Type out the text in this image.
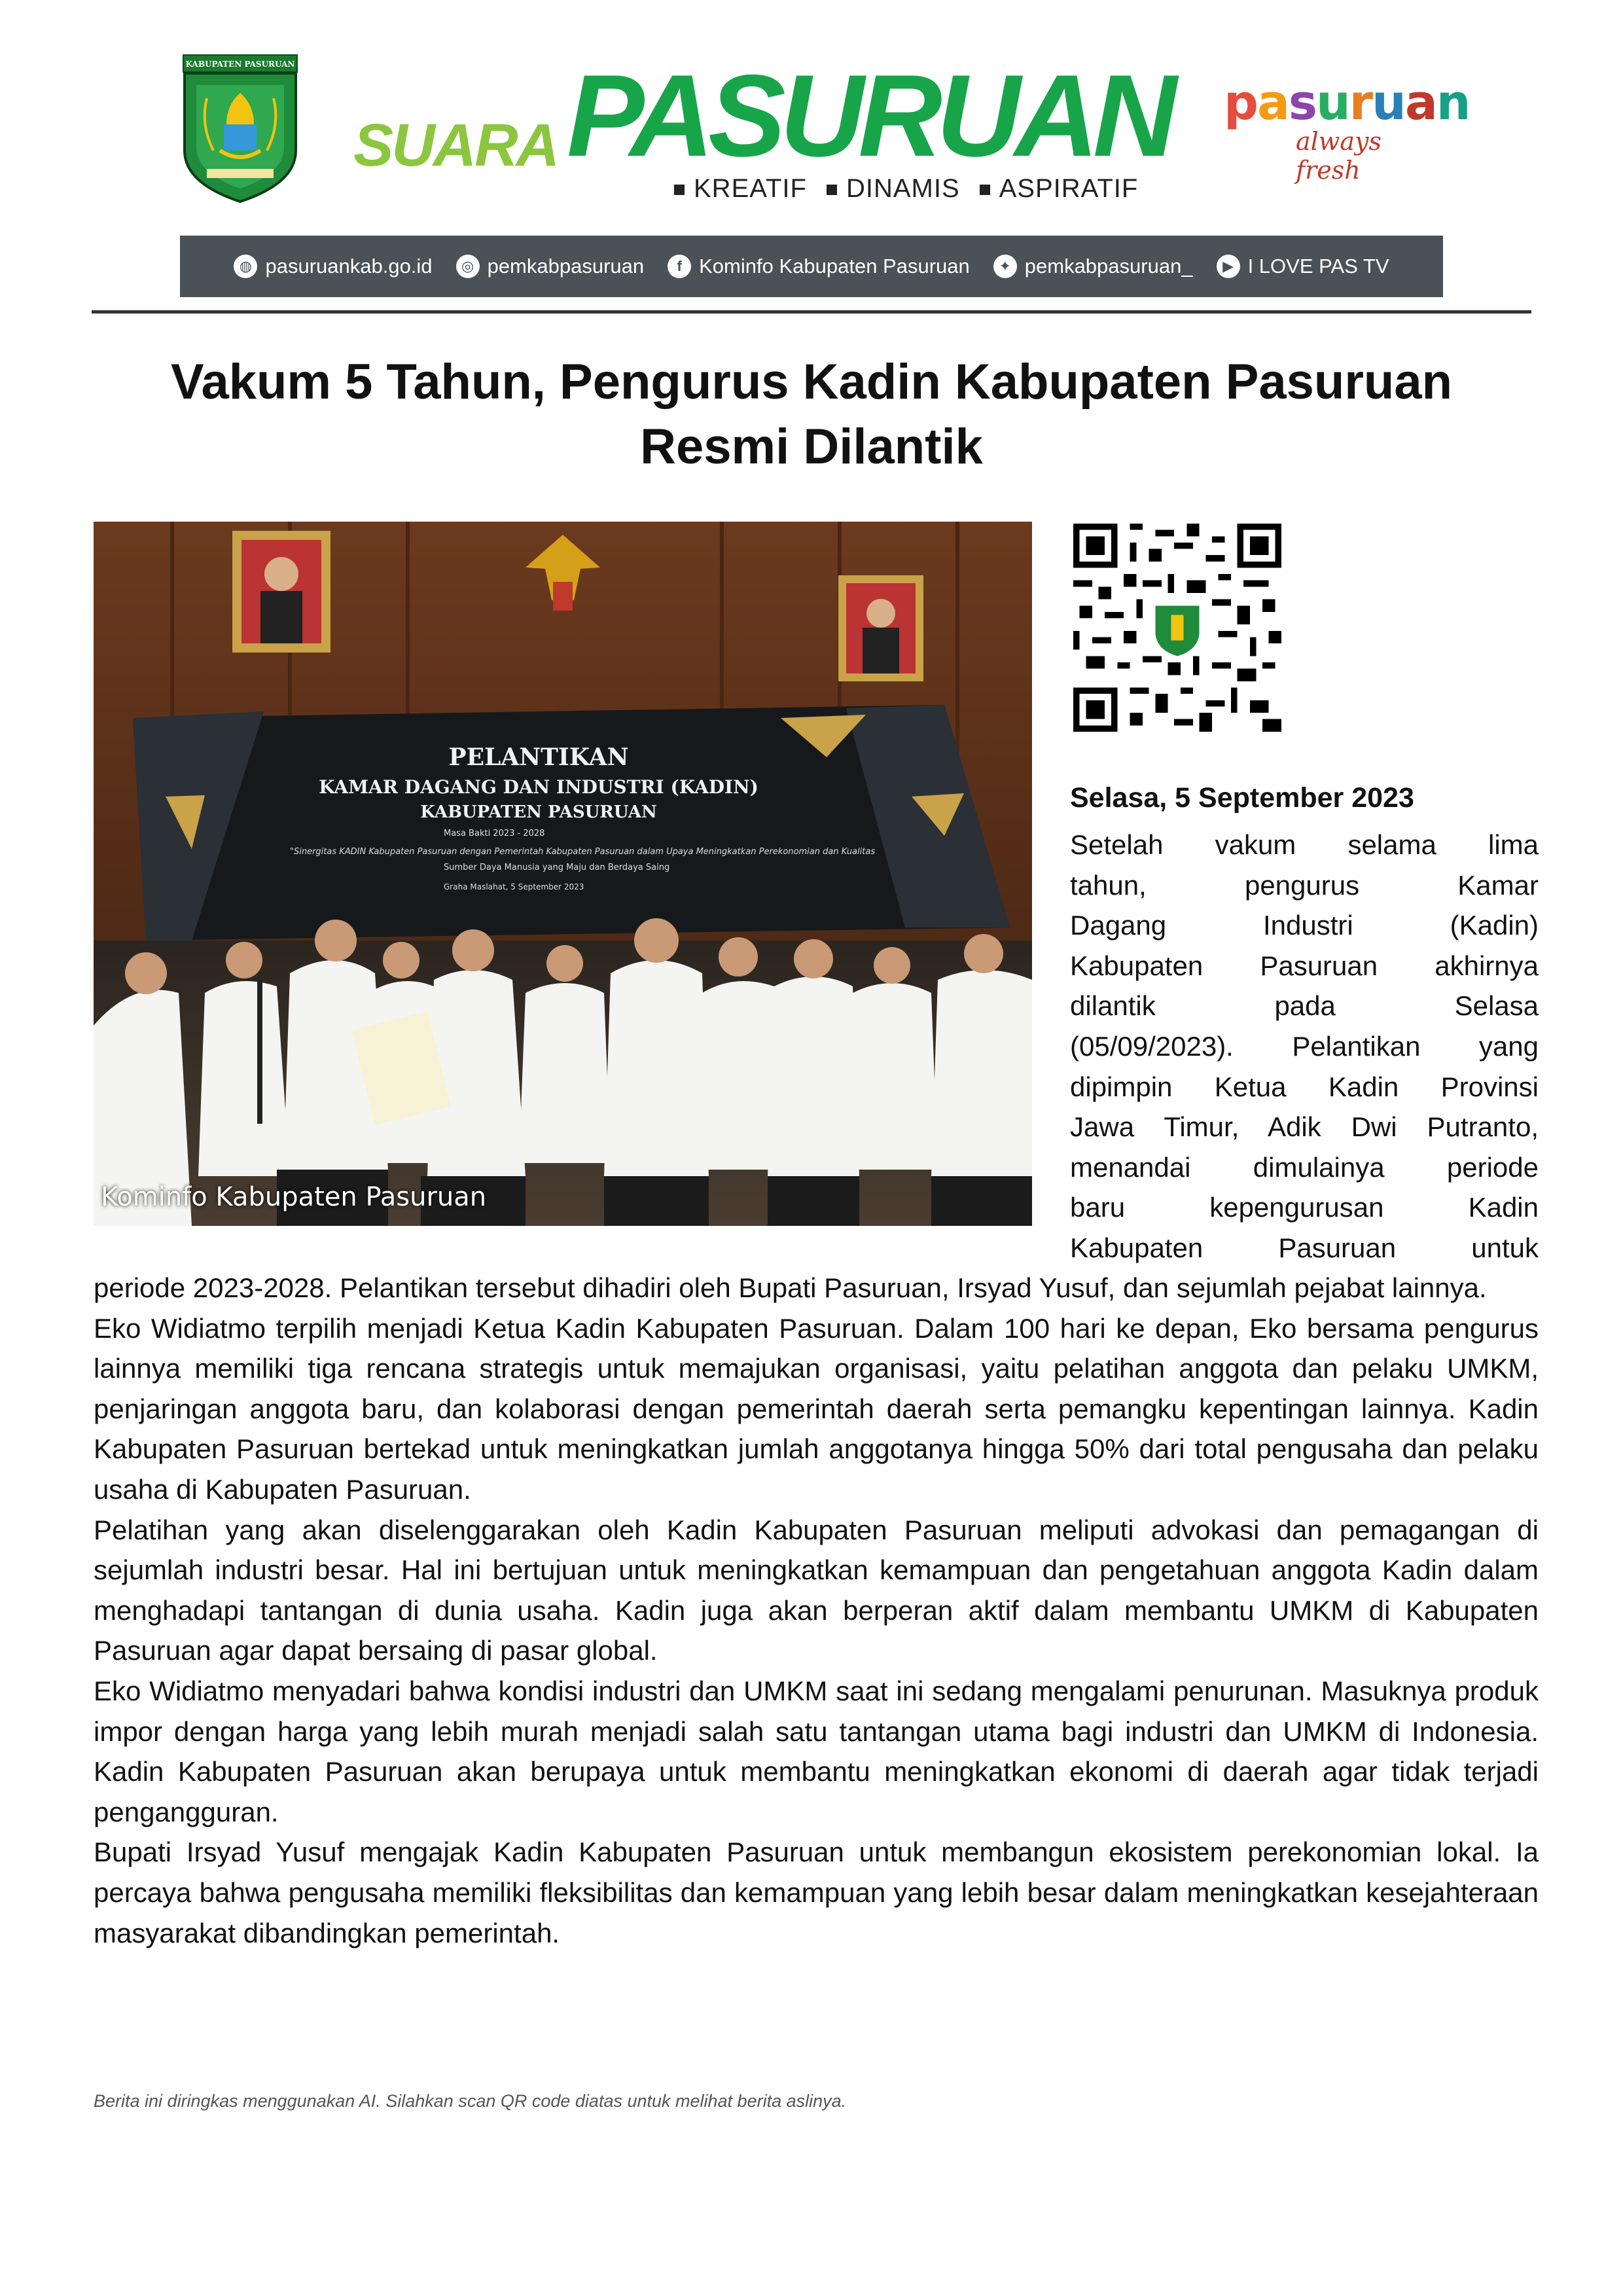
KABUPATEN PASURUAN
SUARA PASURUAN
KREATIF	DINAMIS	ASPIRATIF
pasuruan
always fresh
◍ pasuruankab.go.id	◎ pemkabpasuruan	f Kominfo Kabupaten Pasuruan	✦ pemkabpasuruan_	▶ I LOVE PAS TV
Vakum 5 Tahun, Pengurus Kadin Kabupaten Pasuruan
Resmi Dilantik
PELANTIKAN
KAMAR DAGANG DAN INDUSTRI (KADIN)
KABUPATEN PASURUAN
Masa Bakti 2023 - 2028
"Sinergitas KADIN Kabupaten Pasuruan dengan Pemerintah Kabupaten Pasuruan dalam Upaya Meningkatkan Perekonomian dan Kualitas
Sumber Daya Manusia yang Maju dan Berdaya Saing
Graha Maslahat, 5 September 2023
Kominfo Kabupaten Pasuruan
Selasa, 5 September 2023
Setelah vakum selama lima
tahun, pengurus Kamar
Dagang Industri (Kadin)
Kabupaten Pasuruan akhirnya
dilantik pada Selasa
(05/09/2023). Pelantikan yang
dipimpin Ketua Kadin Provinsi
Jawa Timur, Adik Dwi Putranto,
menandai dimulainya periode
baru kepengurusan Kadin
Kabupaten Pasuruan untuk

periode 2023-2028. Pelantikan tersebut dihadiri oleh Bupati Pasuruan, Irsyad Yusuf, dan sejumlah pejabat lainnya.

Eko Widiatmo terpilih menjadi Ketua Kadin Kabupaten Pasuruan. Dalam 100 hari ke depan, Eko bersama pengurus lainnya memiliki tiga rencana strategis untuk memajukan organisasi, yaitu pelatihan anggota dan pelaku UMKM, penjaringan anggota baru, dan kolaborasi dengan pemerintah daerah serta pemangku kepentingan lainnya. Kadin Kabupaten Pasuruan bertekad untuk meningkatkan jumlah anggotanya hingga 50% dari total pengusaha dan pelaku usaha di Kabupaten Pasuruan.

Pelatihan yang akan diselenggarakan oleh Kadin Kabupaten Pasuruan meliputi advokasi dan pemagangan di sejumlah industri besar. Hal ini bertujuan untuk meningkatkan kemampuan dan pengetahuan anggota Kadin dalam menghadapi tantangan di dunia usaha. Kadin juga akan berperan aktif dalam membantu UMKM di Kabupaten Pasuruan agar dapat bersaing di pasar global.

Eko Widiatmo menyadari bahwa kondisi industri dan UMKM saat ini sedang mengalami penurunan. Masuknya produk impor dengan harga yang lebih murah menjadi salah satu tantangan utama bagi industri dan UMKM di Indonesia. Kadin Kabupaten Pasuruan akan berupaya untuk membantu meningkatkan ekonomi di daerah agar tidak terjadi pengangguran.

Bupati Irsyad Yusuf mengajak Kadin Kabupaten Pasuruan untuk membangun ekosistem perekonomian lokal. Ia percaya bahwa pengusaha memiliki fleksibilitas dan kemampuan yang lebih besar dalam meningkatkan kesejahteraan masyarakat dibandingkan pemerintah.

Berita ini diringkas menggunakan AI. Silahkan scan QR code diatas untuk melihat berita aslinya.
